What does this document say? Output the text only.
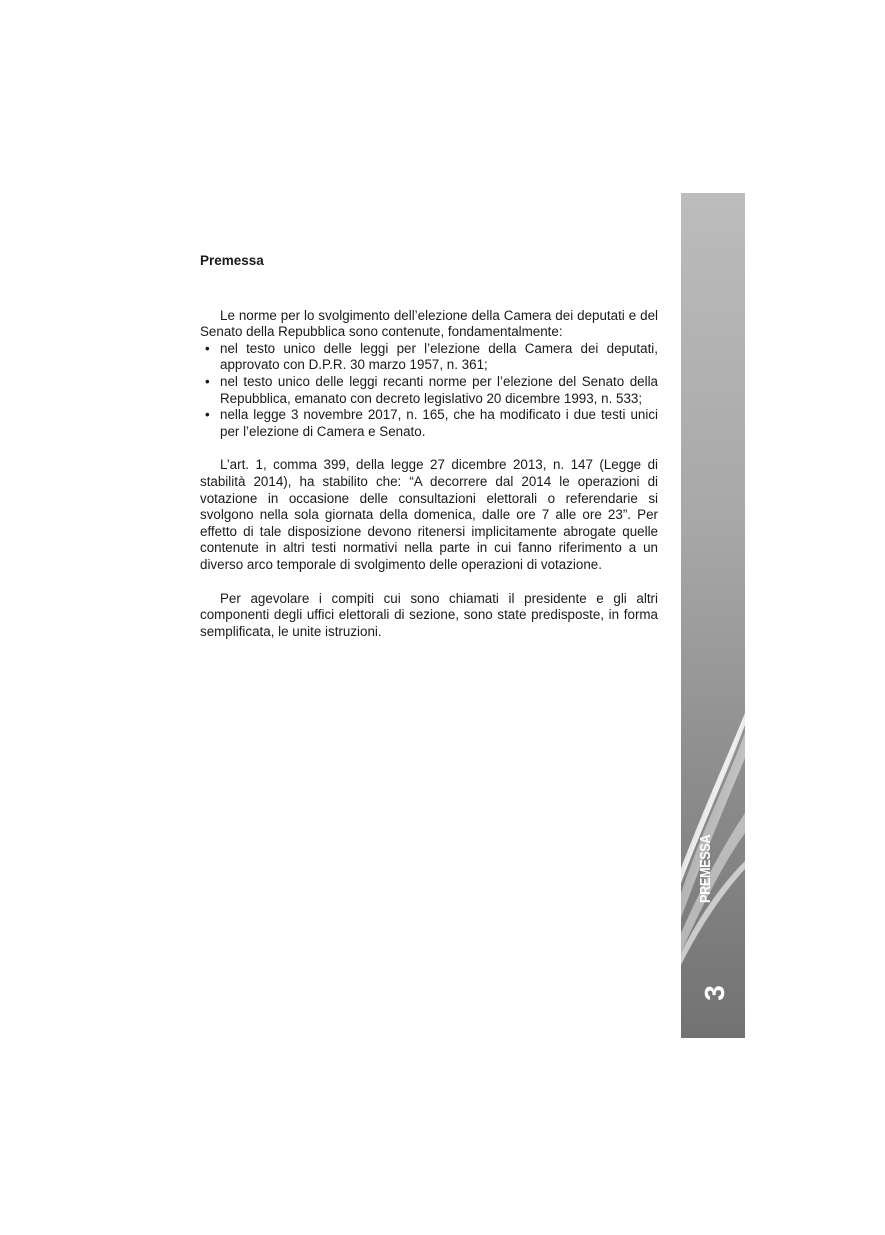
Premessa

Le norme per lo svolgimento dell’elezione della Camera dei deputati e del Senato della Repubblica sono contenute, fondamentalmente:

• nel testo unico delle leggi per l’elezione della Camera dei deputati, approvato con D.P.R. 30 marzo 1957, n. 361;
• nel testo unico delle leggi recanti norme per l’elezione del Senato della Repubblica, emanato con decreto legislativo 20 dicembre 1993, n. 533;
• nella legge 3 novembre 2017, n. 165, che ha modificato i due testi unici per l’elezione di Camera e Senato.

L’art. 1, comma 399, della legge 27 dicembre 2013, n. 147 (Legge di stabilità 2014), ha stabilito che: “A decorrere dal 2014 le operazioni di votazione in occasione delle consultazioni elettorali o referendarie si svolgono nella sola giornata della domenica, dalle ore 7 alle ore 23”. Per effetto di tale disposizione devono ritenersi implicitamente abrogate quelle contenute in altri testi normativi nella parte in cui fanno riferimento a un diverso arco temporale di svolgimento delle operazioni di votazione.

Per agevolare i compiti cui sono chiamati il presidente e gli altri componenti degli uffici elettorali di sezione, sono state predisposte, in forma semplificata, le unite istruzioni.

PREMESSA
3
